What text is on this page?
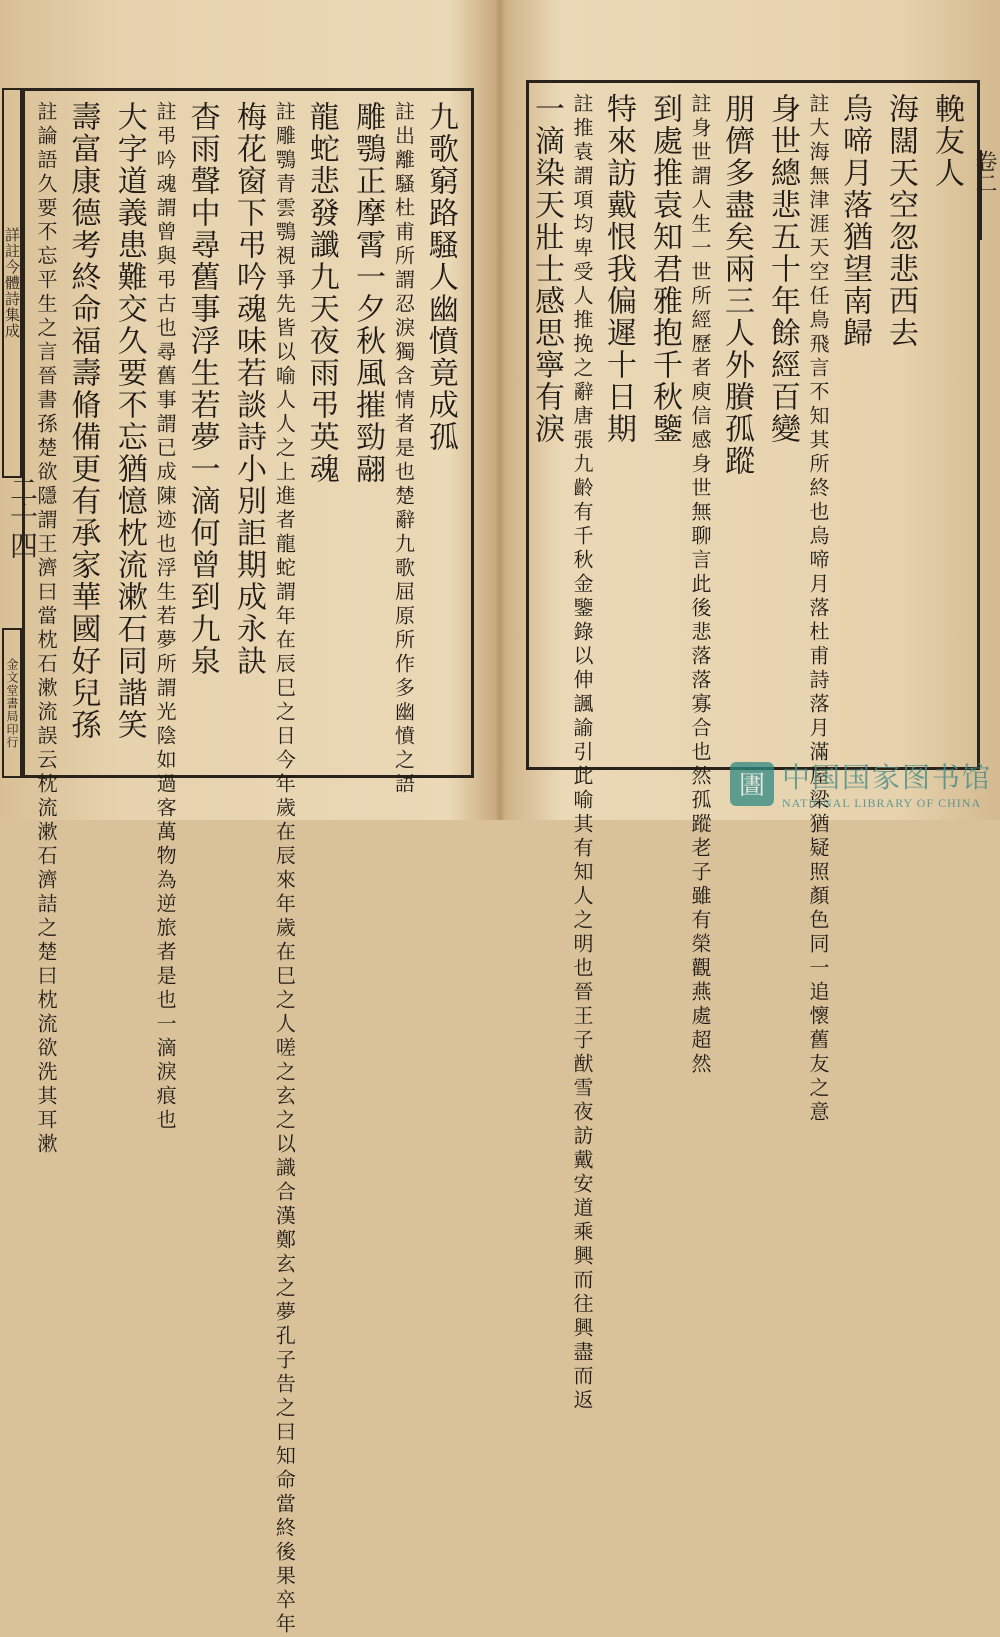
詳註今體詩集成
二十四
金文堂書局印行
九歌窮路騷人幽憤竟成孤
註出離騷杜甫所謂忍淚獨含情者是也楚辭九歌屈原所作多幽憤之語
雕鶚正摩霄一夕秋風摧勁翮
龍蛇悲發讖九天夜雨弔英魂
註雕鶚青雲鶚視爭先皆以喻人人之上進者龍蛇謂年在辰巳之日今年歲在辰來年歲在巳之人嗟之玄之以識合漢鄭玄之夢孔子告之曰知命當終後果卒年
梅花窗下弔吟魂味若談詩小別詎期成永訣
杳雨聲中尋舊事浮生若夢一滴何曾到九泉
註弔吟魂謂曾與弔古也尋舊事謂已成陳迹也浮生若夢所謂光陰如過客萬物為逆旅者是也一滴淚痕也
大字道義患難交久要不忘猶憶枕流漱石同諧笑
壽富康德考終命福壽脩備更有承家華國好兒孫
註論語久要不忘平生之言晉書孫楚欲隱謂王濟曰當枕石漱流誤云枕流漱石濟詰之楚曰枕流欲洗其耳漱	輓友人
海闊天空忽悲西去
烏啼月落猶望南歸
註大海無津涯天空任鳥飛言不知其所終也烏啼月落杜甫詩落月滿屋梁猶疑照顏色同一追懷舊友之意
身世總悲五十年餘經百變
朋儕多盡矣兩三人外賸孤蹤
註身世謂人生一世所經歷者庾信感身世無聊言此後悲落落寡合也然孤蹤老子雖有榮觀燕處超然
到處推袁知君雅抱千秋鑒
特來訪戴恨我偏遲十日期
註推袁謂項均卑受人推挽之辭唐張九齡有千秋金鑒錄以伸諷諭引此喻其有知人之明也晉王子猷雪夜訪戴安道乘興而往興盡而返
一滴染天壯士感思寧有淚	卷二
圕 中国国家图书馆
NATIONAL LIBRARY OF CHINA
